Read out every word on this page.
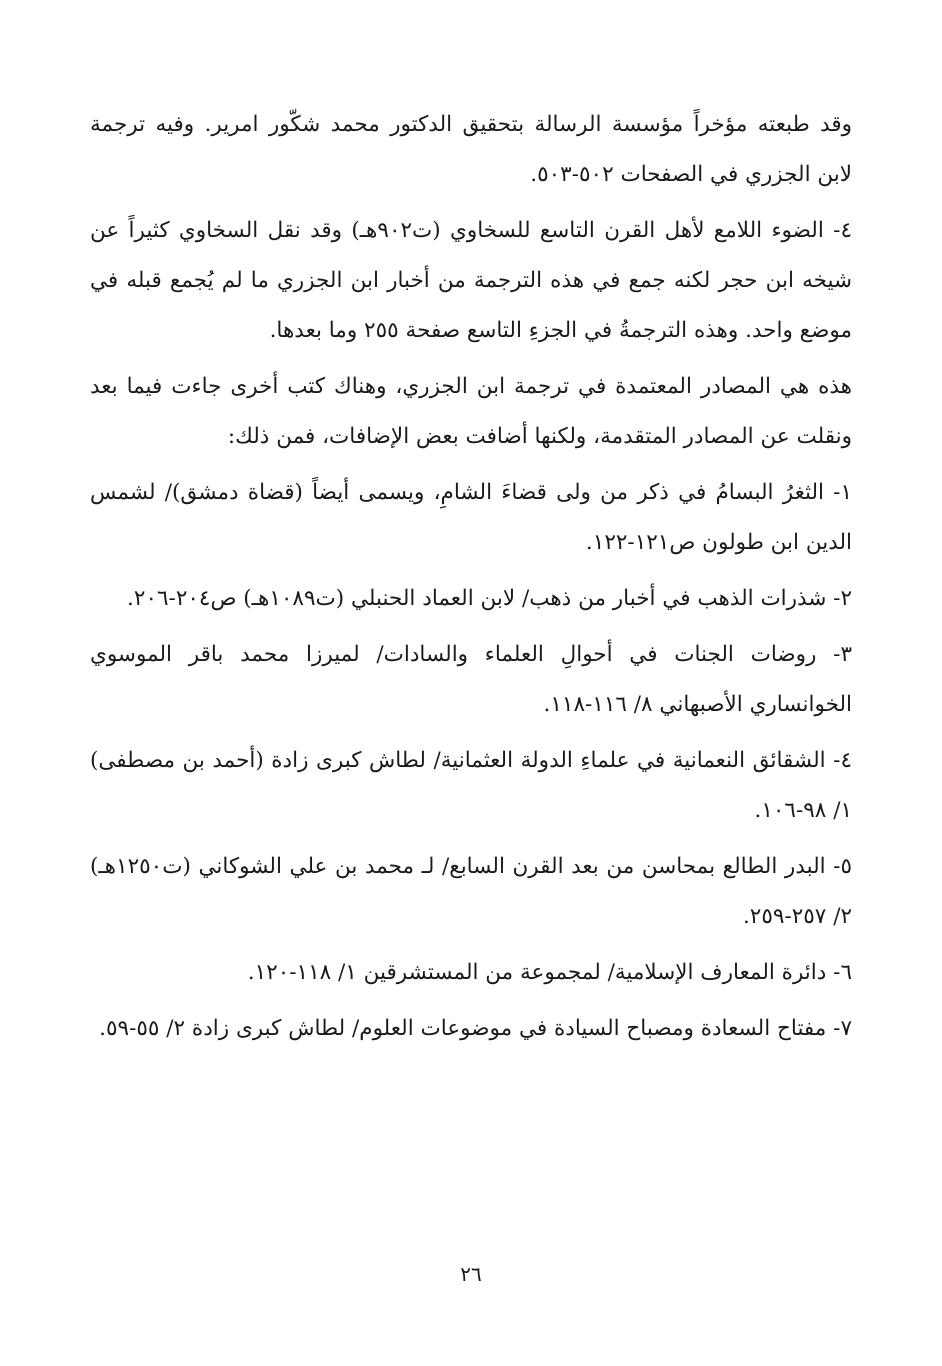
وقد طبعته مؤخراً مؤسسة الرسالة بتحقيق الدكتور محمد شكّور امرير. وفيه ترجمة لابن الجزري في الصفحات ٥٠٢-٥٠٣.

٤- الضوء اللامع لأهل القرن التاسع للسخاوي (ت٩٠٢هـ) وقد نقل السخاوي كثيراً عن شيخه ابن حجر لكنه جمع في هذه الترجمة من أخبار ابن الجزري ما لم يُجمع قبله في موضع واحد. وهذه الترجمةُ في الجزءِ التاسع صفحة ٢٥٥ وما بعدها.

هذه هي المصادر المعتمدة في ترجمة ابن الجزري، وهناك كتب أخرى جاءت فيما بعد ونقلت عن المصادر المتقدمة، ولكنها أضافت بعض الإضافات، فمن ذلك:

١- الثغرُ البسامُ في ذكر من ولى قضاءَ الشامِ، ويسمى أيضاً (قضاة دمشق)/ لشمس الدين ابن طولون ص١٢١-١٢٢.

٢- شذرات الذهب في أخبار من ذهب/ لابن العماد الحنبلي (ت١٠٨٩هـ) ص٢٠٤-٢٠٦.

٣- روضات الجنات في أحوالِ العلماء والسادات/ لميرزا محمد باقر الموسوي الخوانساري الأصبهاني ٨/ ١١٦-١١٨.

٤- الشقائق النعمانية في علماءِ الدولة العثمانية/ لطاش كبرى زادة (أحمد بن مصطفى) ١/ ٩٨-١٠٦.

٥- البدر الطالع بمحاسن من بعد القرن السابع/ لـ محمد بن علي الشوكاني (ت١٢٥٠هـ) ٢/ ٢٥٧-٢٥٩.

٦- دائرة المعارف الإسلامية/ لمجموعة من المستشرقين ١/ ١١٨-١٢٠.

٧- مفتاح السعادة ومصباح السيادة في موضوعات العلوم/ لطاش كبرى زادة ٢/ ٥٥-٥٩.

٢٦
